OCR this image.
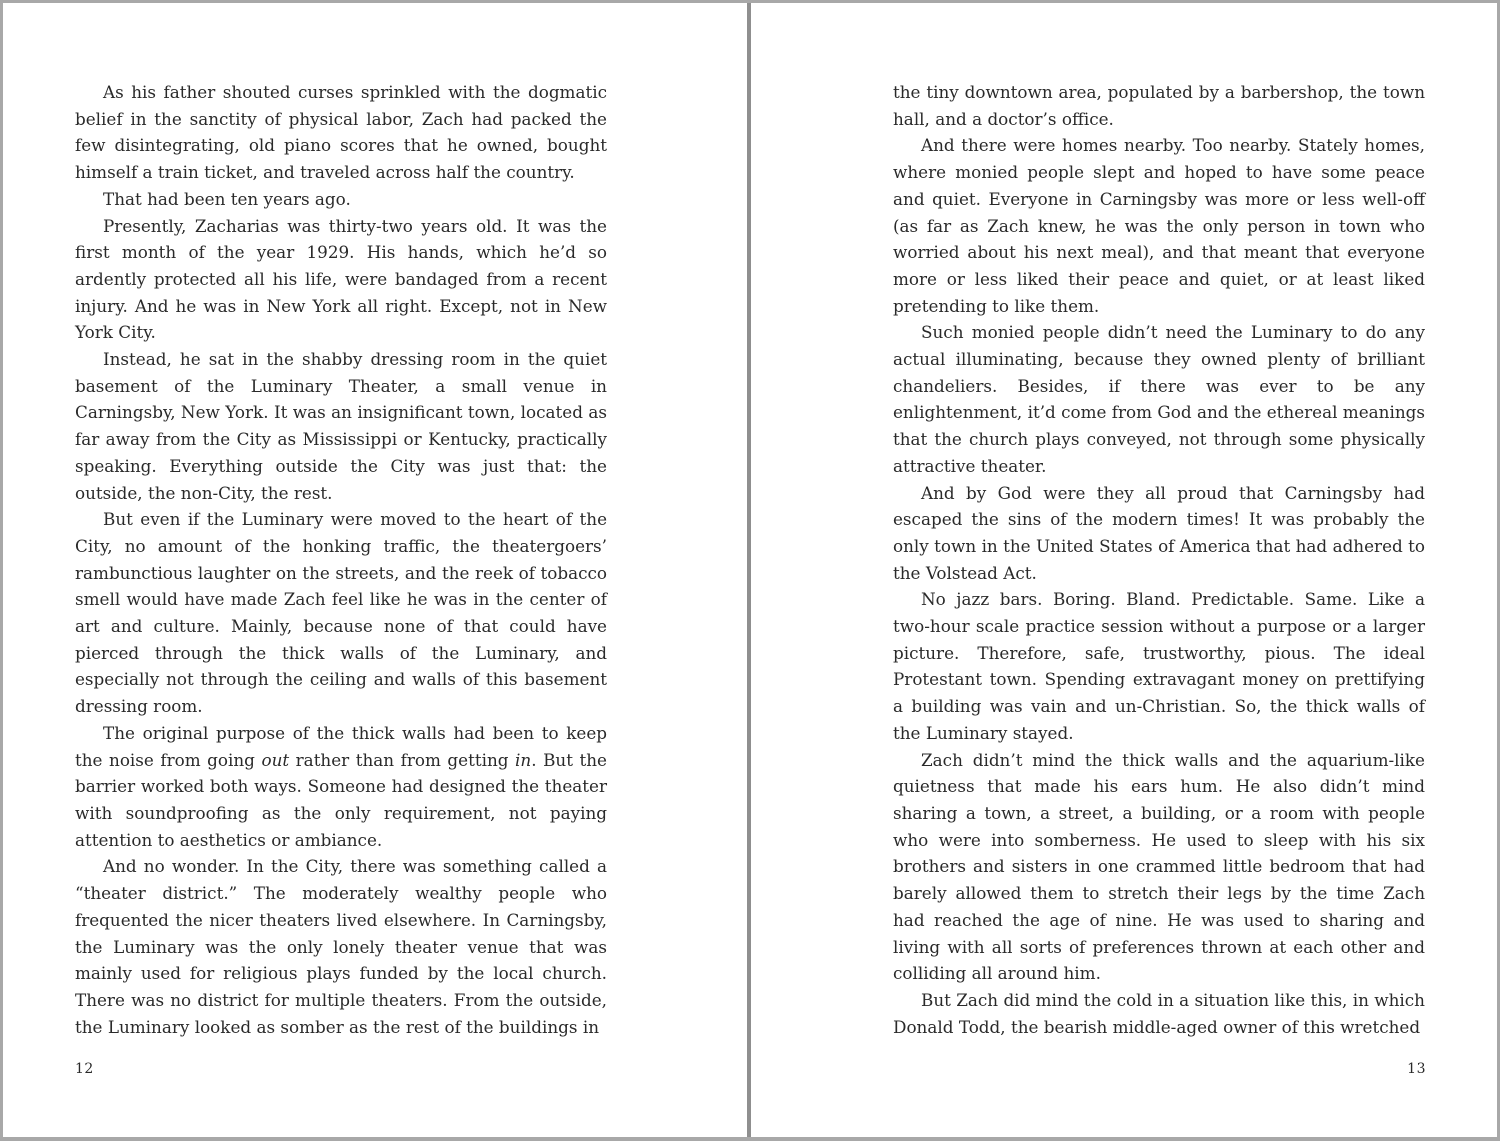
As his father shouted curses sprinkled with the dogmatic belief in the sanctity of physical labor, Zach had packed the few disintegrating, old piano scores that he owned, bought himself a train ticket, and traveled across half the country.

That had been ten years ago.

Presently, Zacharias was thirty-two years old. It was the first month of the year 1929. His hands, which he’d so ardently protected all his life, were bandaged from a recent injury. And he was in New York all right. Except, not in New York City.

Instead, he sat in the shabby dressing room in the quiet basement of the Luminary Theater, a small venue in Carningsby, New York. It was an insignificant town, located as far away from the City as Mississippi or Kentucky, practically speaking. Everything outside the City was just that: the outside, the non-City, the rest.

But even if the Luminary were moved to the heart of the City, no amount of the honking traffic, the theatergoers’ rambunctious laughter on the streets, and the reek of tobacco smell would have made Zach feel like he was in the center of art and culture. Mainly, because none of that could have pierced through the thick walls of the Luminary, and especially not through the ceiling and walls of this basement dressing room.

The original purpose of the thick walls had been to keep the noise from going out rather than from getting in. But the barrier worked both ways. Someone had designed the theater with soundproofing as the only requirement, not paying attention to aesthetics or ambiance.

And no wonder. In the City, there was something called a “theater district.” The moderately wealthy people who frequented the nicer theaters lived elsewhere. In Carningsby, the Luminary was the only lonely theater venue that was mainly used for religious plays funded by the local church. There was no district for multiple theaters. From the outside, the Luminary looked as somber as the rest of the buildings in

12

the tiny downtown area, populated by a barbershop, the town hall, and a doctor’s office.

And there were homes nearby. Too nearby. Stately homes, where monied people slept and hoped to have some peace and quiet. Everyone in Carningsby was more or less well-off (as far as Zach knew, he was the only person in town who worried about his next meal), and that meant that everyone more or less liked their peace and quiet, or at least liked pretending to like them.

Such monied people didn’t need the Luminary to do any actual illuminating, because they owned plenty of brilliant chandeliers. Besides, if there was ever to be any enlightenment, it’d come from God and the ethereal meanings that the church plays conveyed, not through some physically attractive theater.

And by God were they all proud that Carningsby had escaped the sins of the modern times! It was probably the only town in the United States of America that had adhered to the Volstead Act.

No jazz bars. Boring. Bland. Predictable. Same. Like a two-hour scale practice session without a purpose or a larger picture. Therefore, safe, trustworthy, pious. The ideal Protestant town. Spending extravagant money on prettifying a building was vain and un-Christian. So, the thick walls of the Luminary stayed.

Zach didn’t mind the thick walls and the aquarium-like quietness that made his ears hum. He also didn’t mind sharing a town, a street, a building, or a room with people who were into somberness. He used to sleep with his six brothers and sisters in one crammed little bedroom that had barely allowed them to stretch their legs by the time Zach had reached the age of nine. He was used to sharing and living with all sorts of preferences thrown at each other and colliding all around him.

But Zach did mind the cold in a situation like this, in which Donald Todd, the bearish middle-aged owner of this wretched

13
